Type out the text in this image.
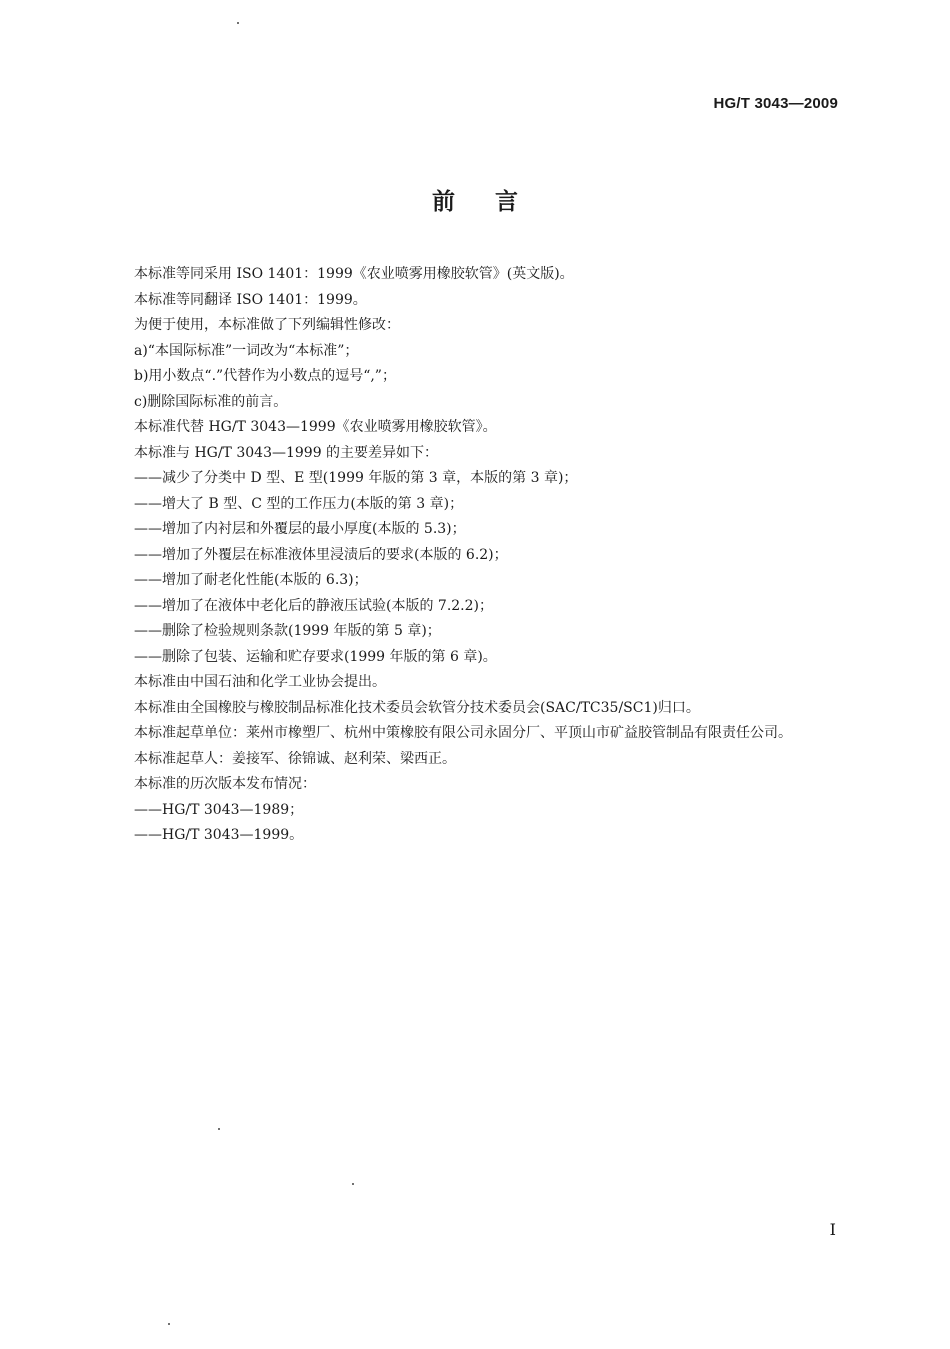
HG/T 3043—2009
前言

本标准等同采用 ISO 1401：1999《农业喷雾用橡胶软管》(英文版)。

本标准等同翻译 ISO 1401：1999。

为便于使用，本标准做了下列编辑性修改：

a)“本国际标准”一词改为“本标准”；

b)用小数点“.”代替作为小数点的逗号“,”；

c)删除国际标准的前言。

本标准代替 HG/T 3043—1999《农业喷雾用橡胶软管》。

本标准与 HG/T 3043—1999 的主要差异如下：

——减少了分类中 D 型、E 型(1999 年版的第 3 章，本版的第 3 章)；

——增大了 B 型、C 型的工作压力(本版的第 3 章)；

——增加了内衬层和外覆层的最小厚度(本版的 5.3)；

——增加了外覆层在标准液体里浸渍后的要求(本版的 6.2)；

——增加了耐老化性能(本版的 6.3)；

——增加了在液体中老化后的静液压试验(本版的 7.2.2)；

——删除了检验规则条款(1999 年版的第 5 章)；

——删除了包装、运输和贮存要求(1999 年版的第 6 章)。

本标准由中国石油和化学工业协会提出。

本标准由全国橡胶与橡胶制品标准化技术委员会软管分技术委员会(SAC/TC35/SC1)归口。

本标准起草单位：莱州市橡塑厂、杭州中策橡胶有限公司永固分厂、平顶山市矿益胶管制品有限责任公司。

本标准起草人：姜接军、徐锦诚、赵利荣、梁西正。

本标准的历次版本发布情况：

——HG/T 3043—1989；

——HG/T 3043—1999。

I
